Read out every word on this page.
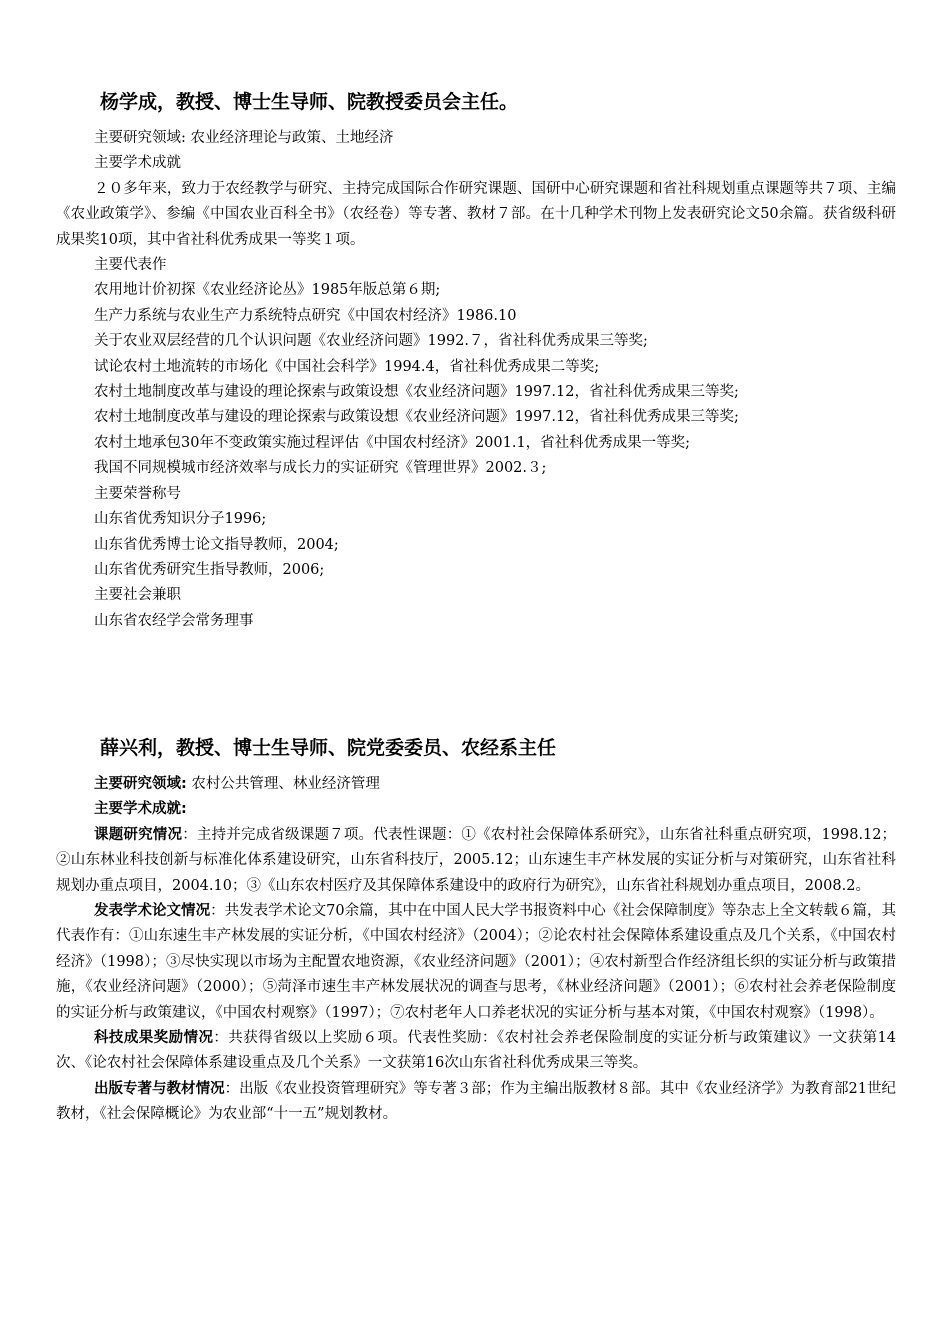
杨学成，教授、博士生导师、院教授委员会主任。

主要研究领域: 农业经济理论与政策、土地经济

主要学术成就

２０多年来，致力于农经教学与研究、主持完成国际合作研究课题、国研中心研究课题和省社科规划重点课题等共７项、主编《农业政策学》、参编《中国农业百科全书》（农经卷）等专著、教材７部。在十几种学术刊物上发表研究论文50余篇。获省级科研成果奖10项，其中省社科优秀成果一等奖１项。

主要代表作

农用地计价初探《农业经济论丛》1985年版总第６期;

生产力系统与农业生产力系统特点研究《中国农村经济》1986.10

关于农业双层经营的几个认识问题《农业经济问题》1992.７，省社科优秀成果三等奖;

试论农村土地流转的市场化《中国社会科学》1994.4，省社科优秀成果二等奖;

农村土地制度改革与建设的理论探索与政策设想《农业经济问题》1997.12，省社科优秀成果三等奖;

农村土地制度改革与建设的理论探索与政策设想《农业经济问题》1997.12，省社科优秀成果三等奖;

农村土地承包30年不变政策实施过程评估《中国农村经济》2001.1，省社科优秀成果一等奖;

我国不同规模城市经济效率与成长力的实证研究《管理世界》2002.３;

主要荣誉称号

山东省优秀知识分子1996;

山东省优秀博士论文指导教师，2004;

山东省优秀研究生指导教师，2006;

主要社会兼职

山东省农经学会常务理事

薛兴利，教授、博士生导师、院党委委员、农经系主任

主要研究领域: 农村公共管理、林业经济管理

主要学术成就:

课题研究情况：主持并完成省级课题７项。代表性课题：①《农村社会保障体系研究》，山东省社科重点研究项，1998.12；②山东林业科技创新与标准化体系建设研究，山东省科技厅，2005.12；山东速生丰产林发展的实证分析与对策研究，山东省社科规划办重点项目，2004.10；③《山东农村医疗及其保障体系建设中的政府行为研究》，山东省社科规划办重点项目，2008.2。

发表学术论文情况：共发表学术论文70余篇，其中在中国人民大学书报资料中心《社会保障制度》等杂志上全文转载６篇，其代表作有：①山东速生丰产林发展的实证分析，《中国农村经济》（2004）；②论农村社会保障体系建设重点及几个关系，《中国农村经济》（1998）；③尽快实现以市场为主配置农地资源，《农业经济问题》（2001）；④农村新型合作经济组长织的实证分析与政策措施，《农业经济问题》（2000）；⑤菏泽市速生丰产林发展状况的调查与思考，《林业经济问题》（2001）；⑥农村社会养老保险制度的实证分析与政策建议，《中国农村观察》（1997）；⑦农村老年人口养老状况的实证分析与基本对策，《中国农村观察》（1998）。

科技成果奖励情况：共获得省级以上奖励６项。代表性奖励：《农村社会养老保险制度的实证分析与政策建议》一文获第14次、《论农村社会保障体系建设重点及几个关系》一文获第16次山东省社科优秀成果三等奖。

出版专著与教材情况：出版《农业投资管理研究》等专著３部；作为主编出版教材８部。其中《农业经济学》为教育部21世纪教材，《社会保障概论》为农业部“十一五”规划教材。
